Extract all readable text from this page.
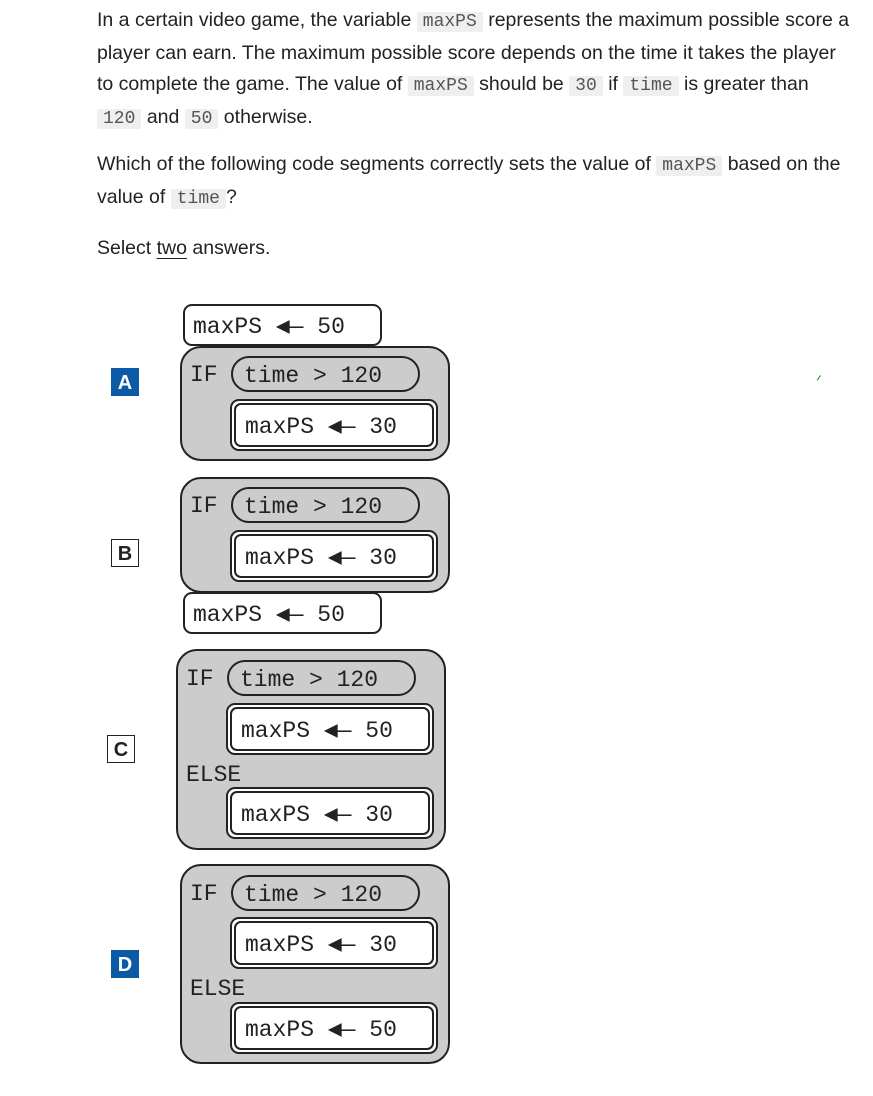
In a certain video game, the variable maxPS represents the maximum possible score a player can earn. The maximum possible score depends on the time it takes the player to complete the game. The value of maxPS should be 30 if time is greater than 120 and 50 otherwise.

Which of the following code segments correctly sets the value of maxPS based on the value of time ?

Select two answers.

A
B
C
D
maxPS ◀— 50
IF time > 120
maxPS ◀— 30
IF time > 120
maxPS ◀— 30
maxPS ◀— 50
IF time > 120
maxPS ◀— 50
ELSE
maxPS ◀— 30
IF time > 120
maxPS ◀— 30
ELSE
maxPS ◀— 50
